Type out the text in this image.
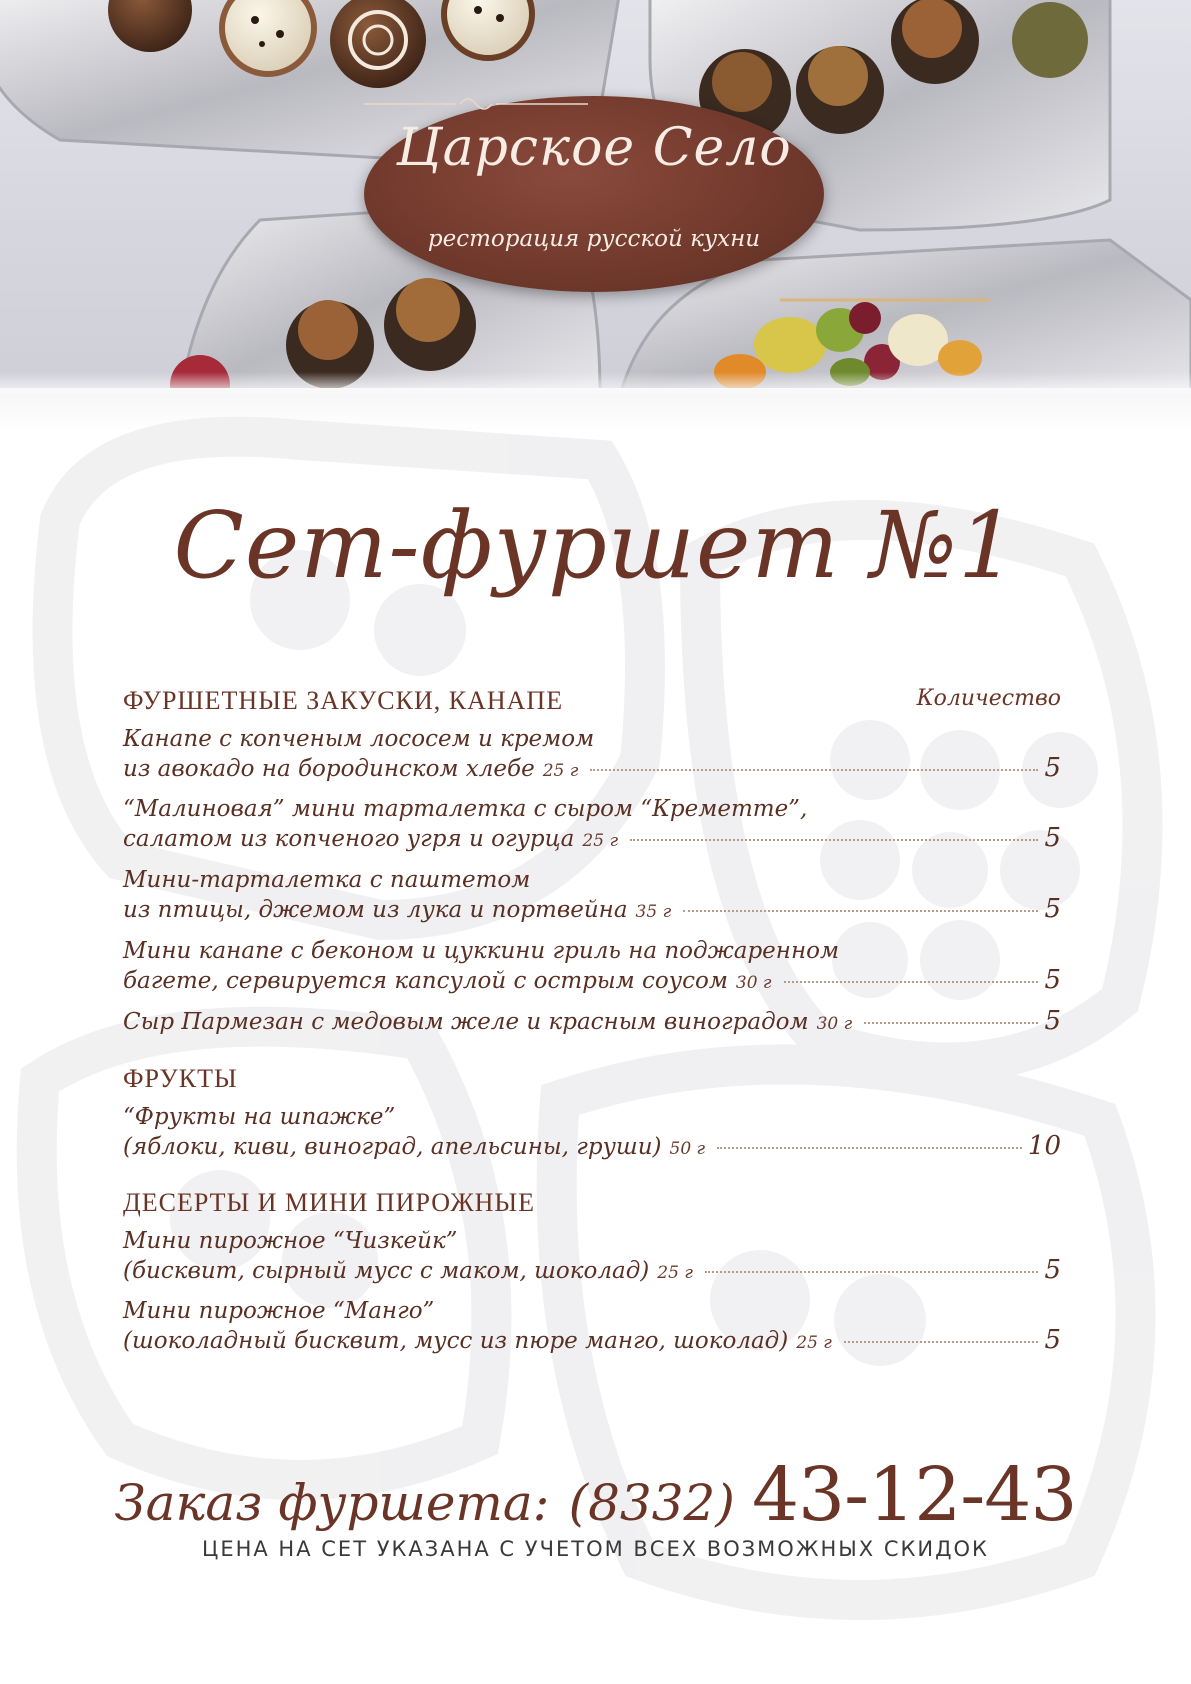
Царское Село
ресторация русской кухни
Сет-фуршет №1
ФУРШЕТНЫЕ ЗАКУСКИ, КАНАПЕ	Количество
Канапе с копченым лососем и кремом
из авокадо на бородинском хлебе 25 г	5
“Малиновая” мини тарталетка с сыром “Креметте”,
салатом из копченого угря и огурца 25 г	5
Мини-тарталетка с паштетом
из птицы, джемом из лука и портвейна 35 г	5
Мини канапе с беконом и цуккини гриль на поджаренном
багете, сервируется капсулой с острым соусом 30 г	5
Сыр Пармезан с медовым желе и красным виноградом 30 г	5
ФРУКТЫ
“Фрукты на шпажке”
(яблоки, киви, виноград, апельсины, груши) 50 г	10
ДЕСЕРТЫ И МИНИ ПИРОЖНЫЕ
Мини пирожное “Чизкейк”
(бисквит, сырный мусс с маком, шоколад) 25 г	5
Мини пирожное “Манго”
(шоколадный бисквит, мусс из пюре манго, шоколад) 25 г	5
Заказ фуршета: (8332) 43-12-43
ЦЕНА НА СЕТ УКАЗАНА С УЧЕТОМ ВСЕХ ВОЗМОЖНЫХ СКИДОК
